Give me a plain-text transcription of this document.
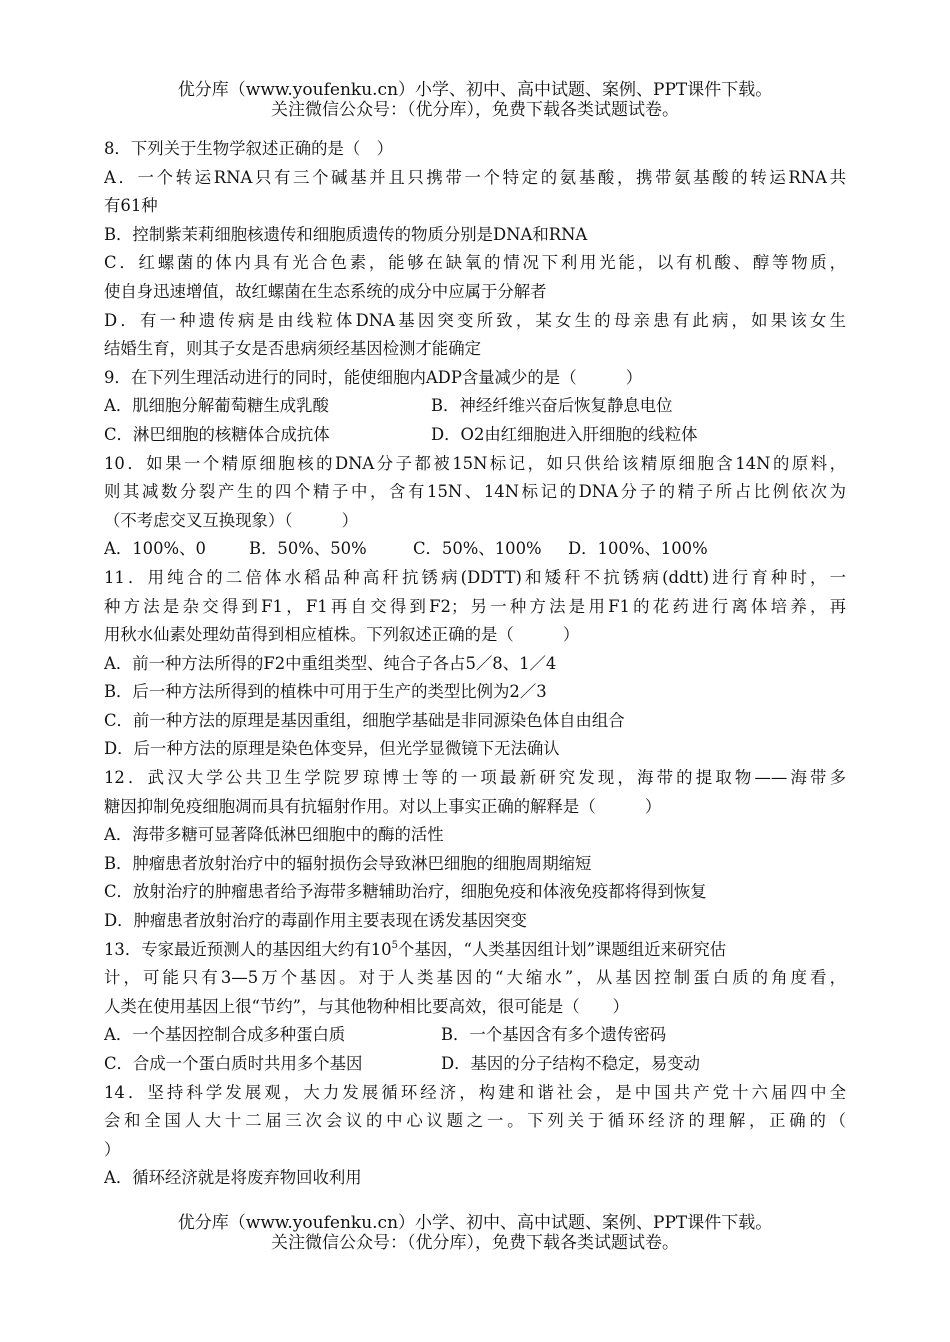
优分库（www.youfenku.cn）小学、初中、高中试题、案例、PPT课件下载。
关注微信公众号：（优分库），免费下载各类试题试卷。
8．下列关于生物学叙述正确的是（　）
A．一个转运RNA只有三个碱基并且只携带一个特定的氨基酸，携带氨基酸的转运RNA共
有61种
B．控制紫茉莉细胞核遗传和细胞质遗传的物质分别是DNA和RNA
C．红螺菌的体内具有光合色素，能够在缺氧的情况下利用光能，以有机酸、醇等物质，
使自身迅速增值，故红螺菌在生态系统的成分中应属于分解者
D．有一种遗传病是由线粒体DNA基因突变所致，某女生的母亲患有此病，如果该女生
结婚生育，则其子女是否患病须经基因检测才能确定
9．在下列生理活动进行的同时，能使细胞内ADP含量减少的是（　　　）
A．肌细胞分解葡萄糖生成乳酸	B．神经纤维兴奋后恢复静息电位
C．淋巴细胞的核糖体合成抗体	D．O2由红细胞进入肝细胞的线粒体
10．如果一个精原细胞核的DNA分子都被15N标记，如只供给该精原细胞含14N的原料，
则其减数分裂产生的四个精子中，含有15N、14N标记的DNA分子的精子所占比例依次为
（不考虑交叉互换现象）（　　　）
A．100%、0	B．50%、50%	C．50%、100% D．100%、100%
11．用纯合的二倍体水稻品种高秆抗锈病(DDTT)和矮秆不抗锈病(ddtt)进行育种时，一
种方法是杂交得到F1，F1再自交得到F2；另一种方法是用F1的花药进行离体培养，再
用秋水仙素处理幼苗得到相应植株。下列叙述正确的是（　　　）
A．前一种方法所得的F2中重组类型、纯合子各占5／8、1／4
B．后一种方法所得到的植株中可用于生产的类型比例为2／3
C．前一种方法的原理是基因重组，细胞学基础是非同源染色体自由组合
D．后一种方法的原理是染色体变异，但光学显微镜下无法确认
12．武汉大学公共卫生学院罗琼博士等的一项最新研究发现，海带的提取物——海带多
糖因抑制免疫细胞凋而具有抗辐射作用。对以上事实正确的解释是（　　　）
A．海带多糖可显著降低淋巴细胞中的酶的活性
B．肿瘤患者放射治疗中的辐射损伤会导致淋巴细胞的细胞周期缩短
C．放射治疗的肿瘤患者给予海带多糖辅助治疗，细胞免疫和体液免疫都将得到恢复
D．肿瘤患者放射治疗的毒副作用主要表现在诱发基因突变
13．专家最近预测人的基因组大约有$10^5$个基因，“人类基因组计划”课题组近来研究估
计，可能只有3—5万个基因。对于人类基因的“大缩水”，从基因控制蛋白质的角度看，
人类在使用基因上很“节约”，与其他物种相比要高效，很可能是（　　）
A．一个基因控制合成多种蛋白质	B．一个基因含有多个遗传密码
C．合成一个蛋白质时共用多个基因	D．基因的分子结构不稳定，易变动
14．坚持科学发展观，大力发展循环经济，构建和谐社会，是中国共产党十六届四中全
会和全国人大十二届三次会议的中心议题之一。下列关于循环经济的理解，正确的（
）
A．循环经济就是将废弃物回收利用
优分库（www.youfenku.cn）小学、初中、高中试题、案例、PPT课件下载。
关注微信公众号：（优分库），免费下载各类试题试卷。
